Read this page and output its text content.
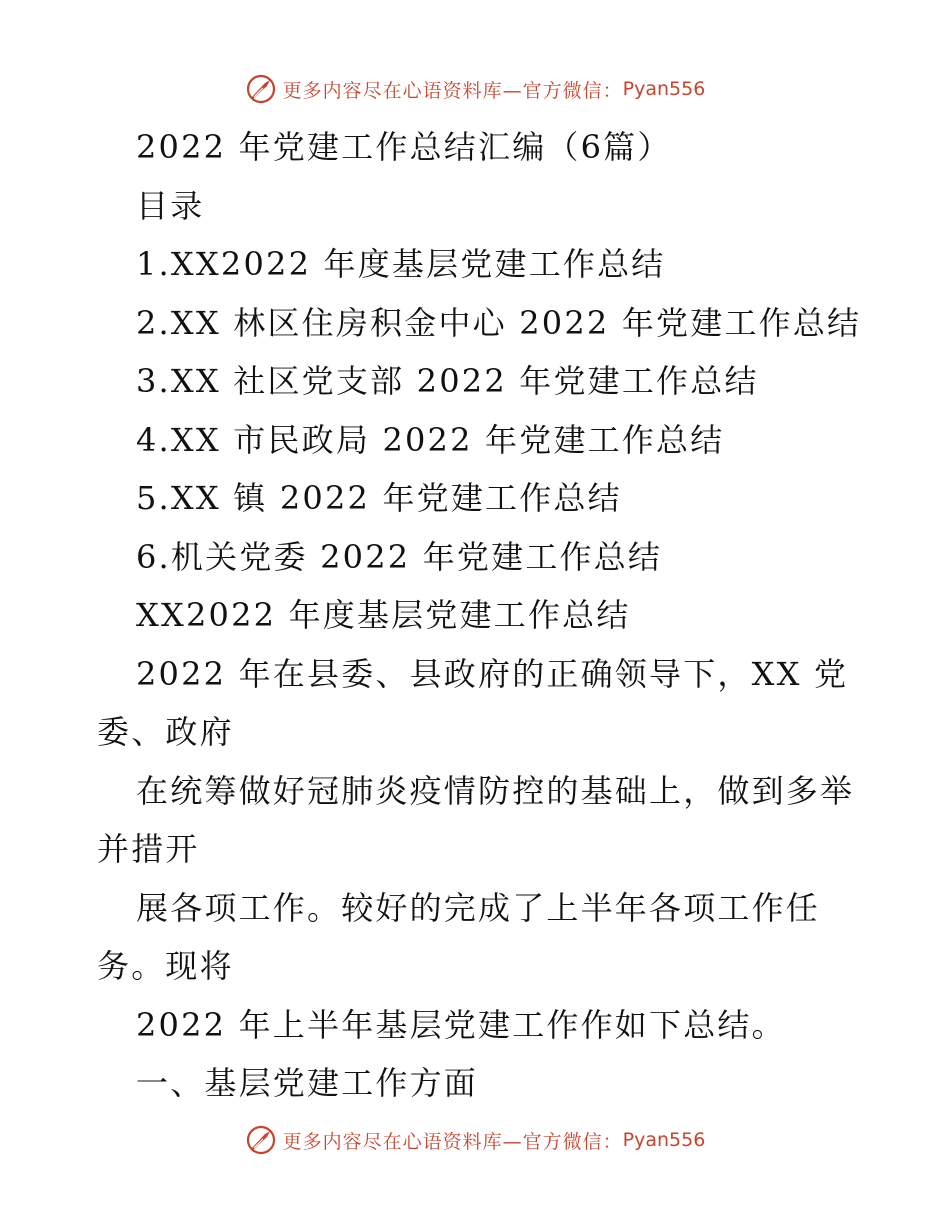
更多内容尽在心语资料库—官方微信： Pyan556
2022 年党建工作总结汇编（6篇）
目录
1.XX2022 年度基层党建工作总结
2.XX 林区住房积金中心 2022 年党建工作总结
3.XX 社区党支部 2022 年党建工作总结
4.XX 市民政局 2022 年党建工作总结
5.XX 镇 2022 年党建工作总结
6.机关党委 2022 年党建工作总结
XX2022 年度基层党建工作总结
2022 年在县委、县政府的正确领导下，XX 党
委、政府
在统筹做好冠肺炎疫情防控的基础上，做到多举
并措开
展各项工作。较好的完成了上半年各项工作任
务。现将
2022 年上半年基层党建工作作如下总结。
一、基层党建工作方面
更多内容尽在心语资料库—官方微信： Pyan556
